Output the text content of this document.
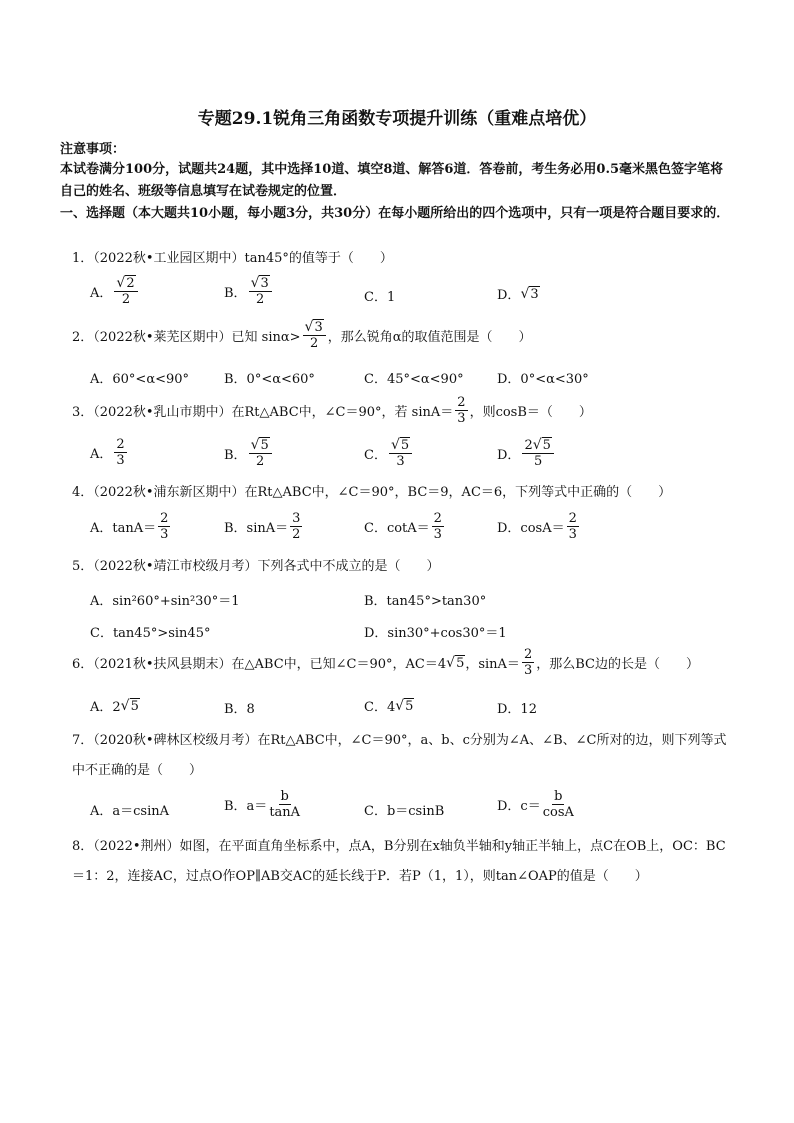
专题29.1锐角三角函数专项提升训练（重难点培优）
注意事项：
本试卷满分100分，试题共24题，其中选择10道、填空8道、解答6道．答卷前，考生务必用0.5毫米黑色签字笔将自己的姓名、班级等信息填写在试卷规定的位置．
一、选择题（本大题共10小题，每小题3分，共30分）在每小题所给出的四个选项中，只有一项是符合题目要求的．
1．（2022秋•工业园区期中）tan45°的值等于（　　）
A． $\frac{√2}{2}$	B． $\frac{√3}{2}$	C．1	D． √3
2．（2022秋•莱芜区期中）已知 $\sin\alpha> \frac{√3}{2}$ ，那么锐角α的取值范围是（　　）
A．60°<α<90°	B．0°<α<60°	C．45°<α<90°	D．0°<α<30°
3．（2022秋•乳山市期中）在Rt△ABC中，∠C＝90°，若 $\sin A= \frac{2}{3}$ ，则cosB＝（　　）
A． $\frac{2}{3}$	B． $\frac{√5}{2}$	C． $\frac{√5}{3}$	D． $\frac{2√5}{5}$
4．（2022秋•浦东新区期中）在Rt△ABC中，∠C＝90°，BC＝9，AC＝6，下列等式中正确的（　　）
A．$\tan A= \frac{2}{3}$	B．$\sin A= \frac{3}{2}$	C．$\cot A= \frac{2}{3}$	D．$\cos A= \frac{2}{3}$
5．（2022秋•靖江市校级月考）下列各式中不成立的是（　　）
A．sin²60°+sin²30°＝1	B．tan45°>tan30°
C．tan45°>sin45°	D．sin30°+cos30°＝1
6．（2021秋•扶风县期末）在△ABC中，已知∠C＝90°，AC＝4 √5 ，$\sin A= \frac{2}{3}$ ，那么BC边的长是（　　）
A．2 √5	B．8	C．4 √5	D．12
7．（2020秋•碑林区校级月考）在Rt△ABC中，∠C＝90°，a、b、c分别为∠A、∠B、∠C所对的边，则下列等式中不正确的是（　　）
A．a＝csinA	B．$a= \frac{b}{\tan A}$	C．b＝csinB	D．$c= \frac{b}{\cos A}$
8．（2022•荆州）如图，在平面直角坐标系中，点A，B分别在x轴负半轴和y轴正半轴上，点C在OB上，OC：BC＝1：2，连接AC，过点O作OP∥AB交AC的延长线于P．若P（1，1），则tan∠OAP的值是（　　）
